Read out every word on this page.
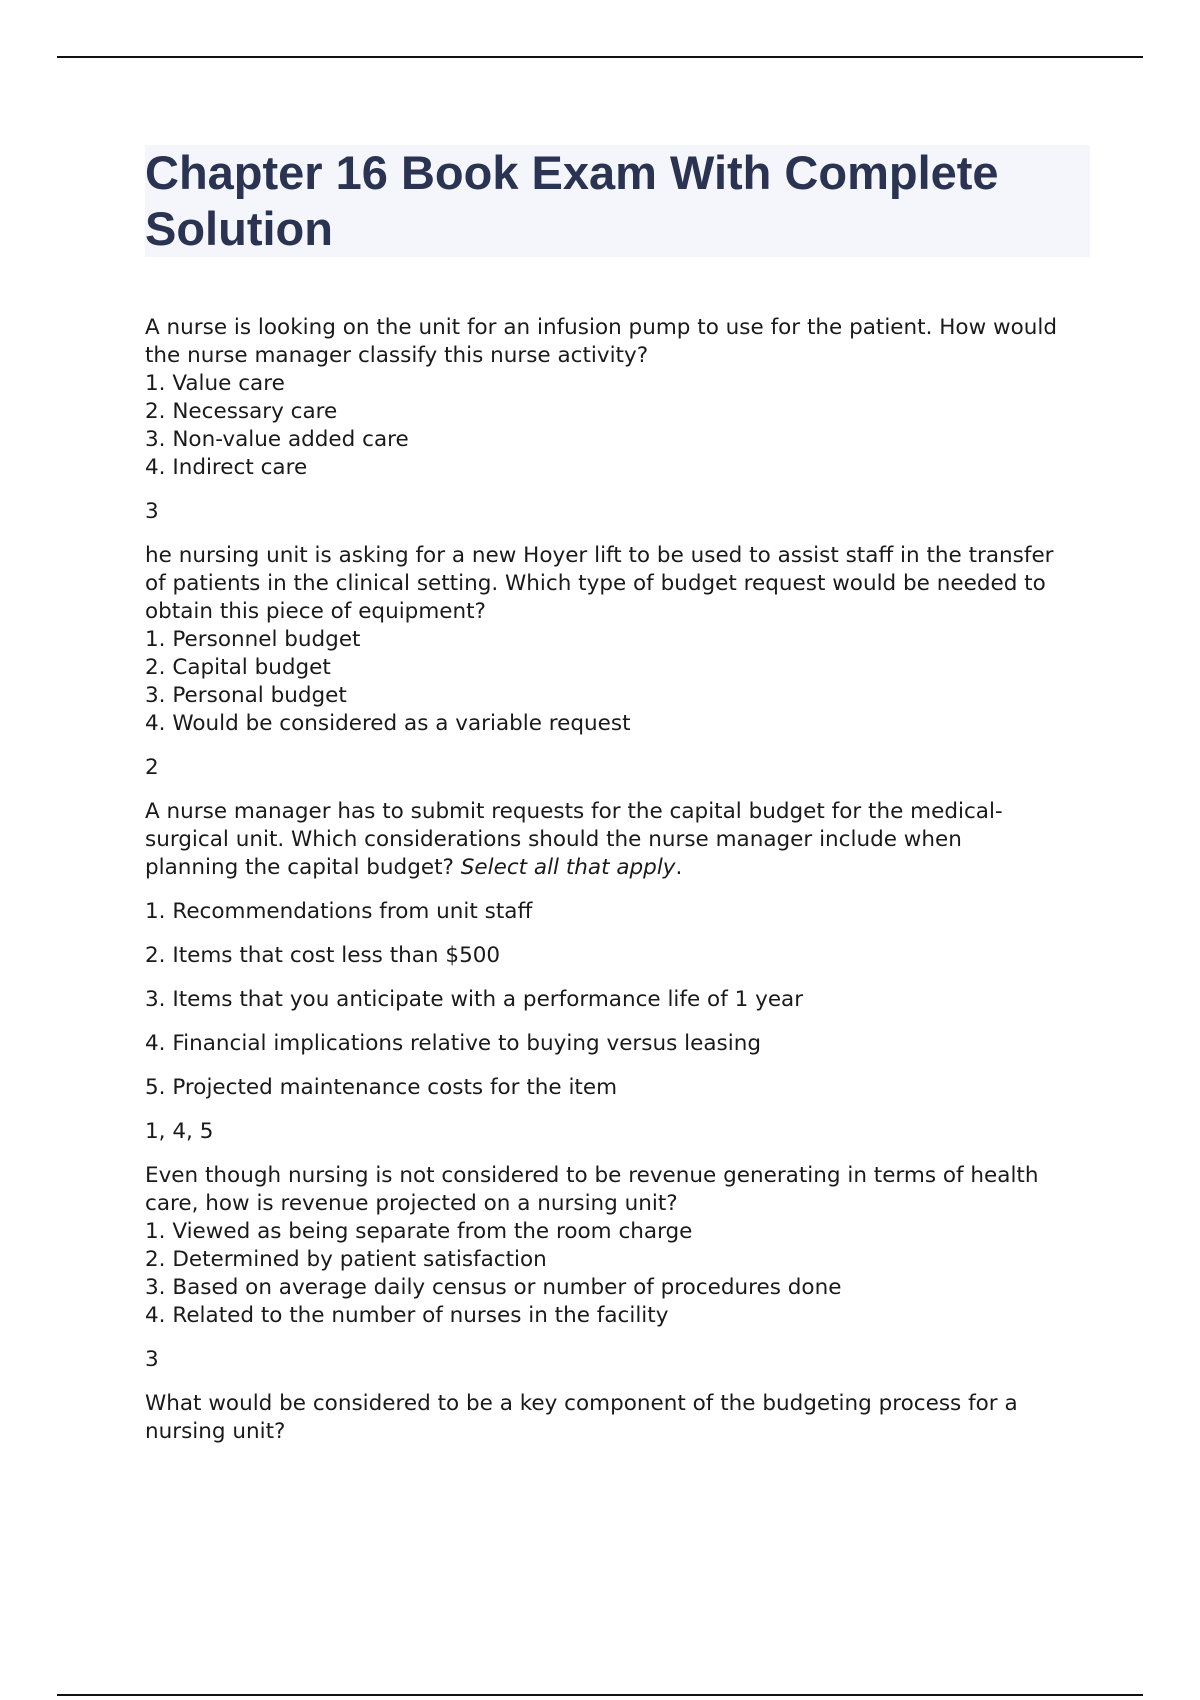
Chapter 16 Book Exam With Complete Solution
A nurse is looking on the unit for an infusion pump to use for the patient. How would
the nurse manager classify this nurse activity?
1. Value care
2. Necessary care
3. Non-value added care
4. Indirect care
3
he nursing unit is asking for a new Hoyer lift to be used to assist staff in the transfer
of patients in the clinical setting. Which type of budget request would be needed to
obtain this piece of equipment?
1. Personnel budget
2. Capital budget
3. Personal budget
4. Would be considered as a variable request
2
A nurse manager has to submit requests for the capital budget for the medical-
surgical unit. Which considerations should the nurse manager include when
planning the capital budget? Select all that apply.
1. Recommendations from unit staff
2. Items that cost less than $500
3. Items that you anticipate with a performance life of 1 year
4. Financial implications relative to buying versus leasing
5. Projected maintenance costs for the item
1, 4, 5
Even though nursing is not considered to be revenue generating in terms of health
care, how is revenue projected on a nursing unit?
1. Viewed as being separate from the room charge
2. Determined by patient satisfaction
3. Based on average daily census or number of procedures done
4. Related to the number of nurses in the facility
3
What would be considered to be a key component of the budgeting process for a
nursing unit?
